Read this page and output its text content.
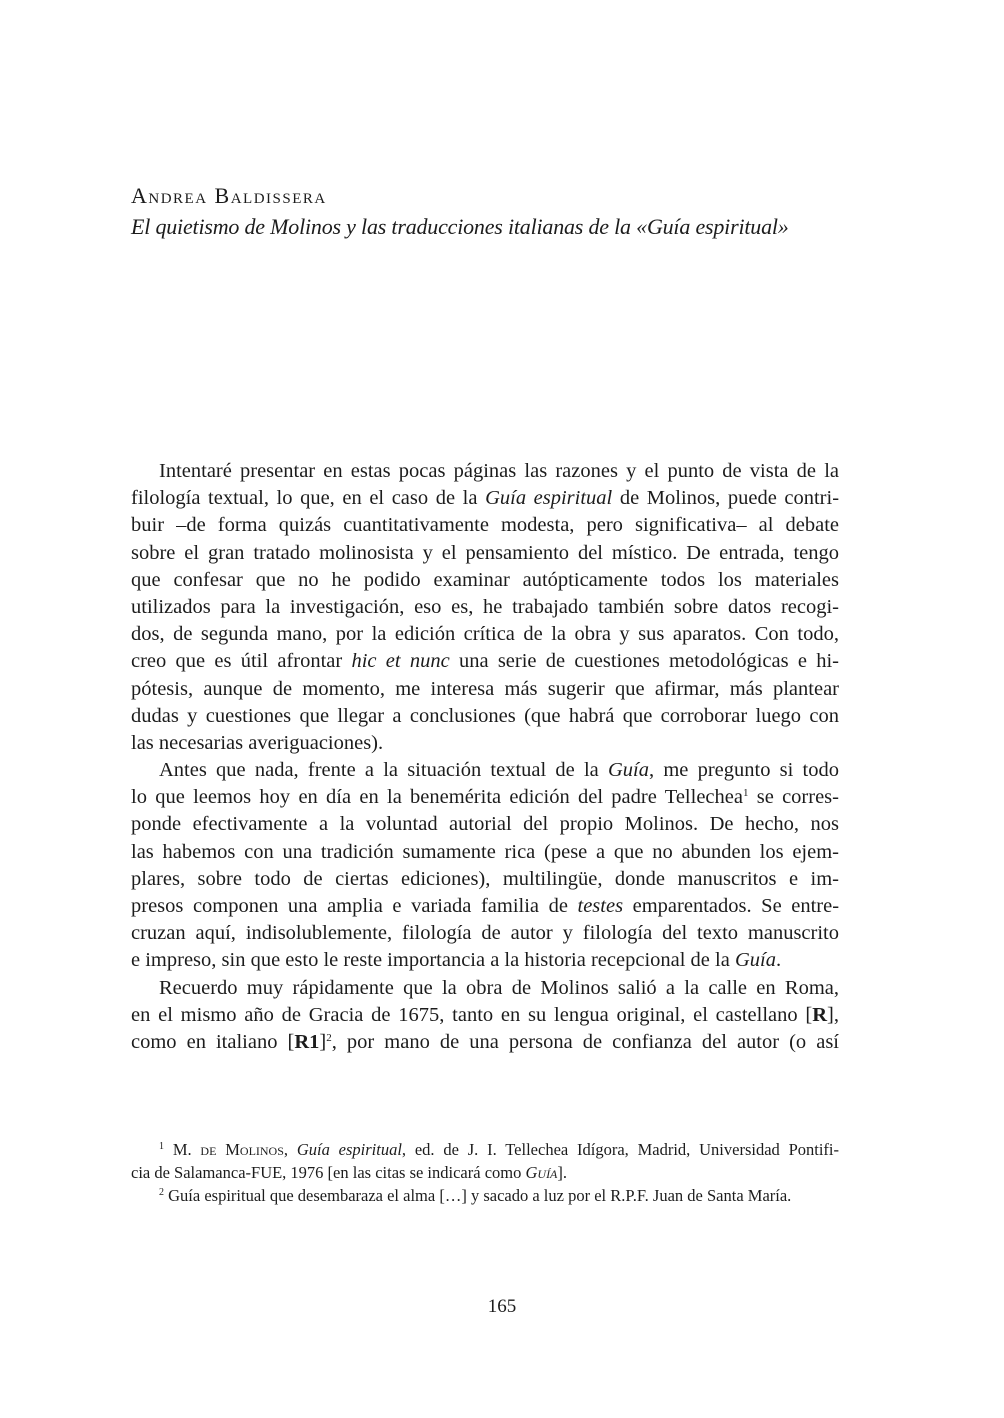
Andrea Baldissera
El quietismo de Molinos y las traducciones italianas de la «Guía espiritual»
Intentaré presentar en estas pocas páginas las razones y el punto de vista de la
filología textual, lo que, en el caso de la Guía espiritual de Molinos, puede contri-
buir –de forma quizás cuantitativamente modesta, pero significativa– al debate
sobre el gran tratado molinosista y el pensamiento del místico. De entrada, tengo
que confesar que no he podido examinar autópticamente todos los materiales
utilizados para la investigación, eso es, he trabajado también sobre datos recogi-
dos, de segunda mano, por la edición crítica de la obra y sus aparatos. Con todo,
creo que es útil afrontar hic et nunc una serie de cuestiones metodológicas e hi-
pótesis, aunque de momento, me interesa más sugerir que afirmar, más plantear
dudas y cuestiones que llegar a conclusiones (que habrá que corroborar luego con
las necesarias averiguaciones).
Antes que nada, frente a la situación textual de la Guía, me pregunto si todo
lo que leemos hoy en día en la benemérita edición del padre Tellechea$^1$ se corres-
ponde efectivamente a la voluntad autorial del propio Molinos. De hecho, nos
las habemos con una tradición sumamente rica (pese a que no abunden los ejem-
plares, sobre todo de ciertas ediciones), multilingüe, donde manuscritos e im-
presos componen una amplia e variada familia de testes emparentados. Se entre-
cruzan aquí, indisolublemente, filología de autor y filología del texto manuscrito
e impreso, sin que esto le reste importancia a la historia recepcional de la Guía.
Recuerdo muy rápidamente que la obra de Molinos salió a la calle en Roma,
en el mismo año de Gracia de 1675, tanto en su lengua original, el castellano [R],
como en italiano $[R1]^2$, por mano de una persona de confianza del autor (o así
$^1$ M. de Molinos, Guía espiritual, ed. de J. I. Tellechea Idígora, Madrid, Universidad Pontifi-
cia de Salamanca-FUE, 1976 [en las citas se indicará como Guía].
$^2$ Guía espiritual que desembaraza el alma […] y sacado a luz por el R.P.F. Juan de Santa María.
165
